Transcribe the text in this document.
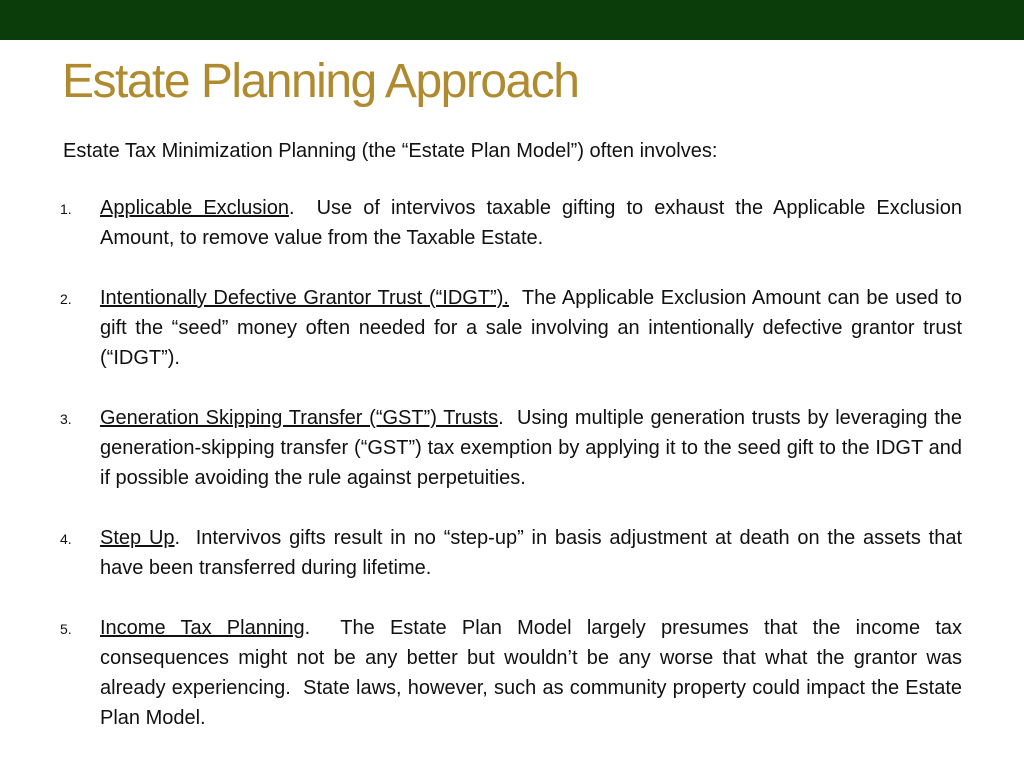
Estate Planning Approach
Estate Tax Minimization Planning (the “Estate Plan Model”) often involves:
1. Applicable Exclusion.  Use of intervivos taxable gifting to exhaust the Applicable Exclusion Amount, to remove value from the Taxable Estate.
2. Intentionally Defective Grantor Trust (“IDGT”).  The Applicable Exclusion Amount can be used to gift the “seed” money often needed for a sale involving an intentionally defective grantor trust (“IDGT”).
3. Generation Skipping Transfer (“GST”) Trusts.  Using multiple generation trusts by leveraging the generation-skipping transfer (“GST”) tax exemption by applying it to the seed gift to the IDGT and if possible avoiding the rule against perpetuities.
4. Step Up.  Intervivos gifts result in no “step-up” in basis adjustment at death on the assets that have been transferred during lifetime.
5. Income Tax Planning.  The Estate Plan Model largely presumes that the income tax consequences might not be any better but wouldn’t be any worse that what the grantor was already experiencing.  State laws, however, such as community property could impact the Estate Plan Model.
